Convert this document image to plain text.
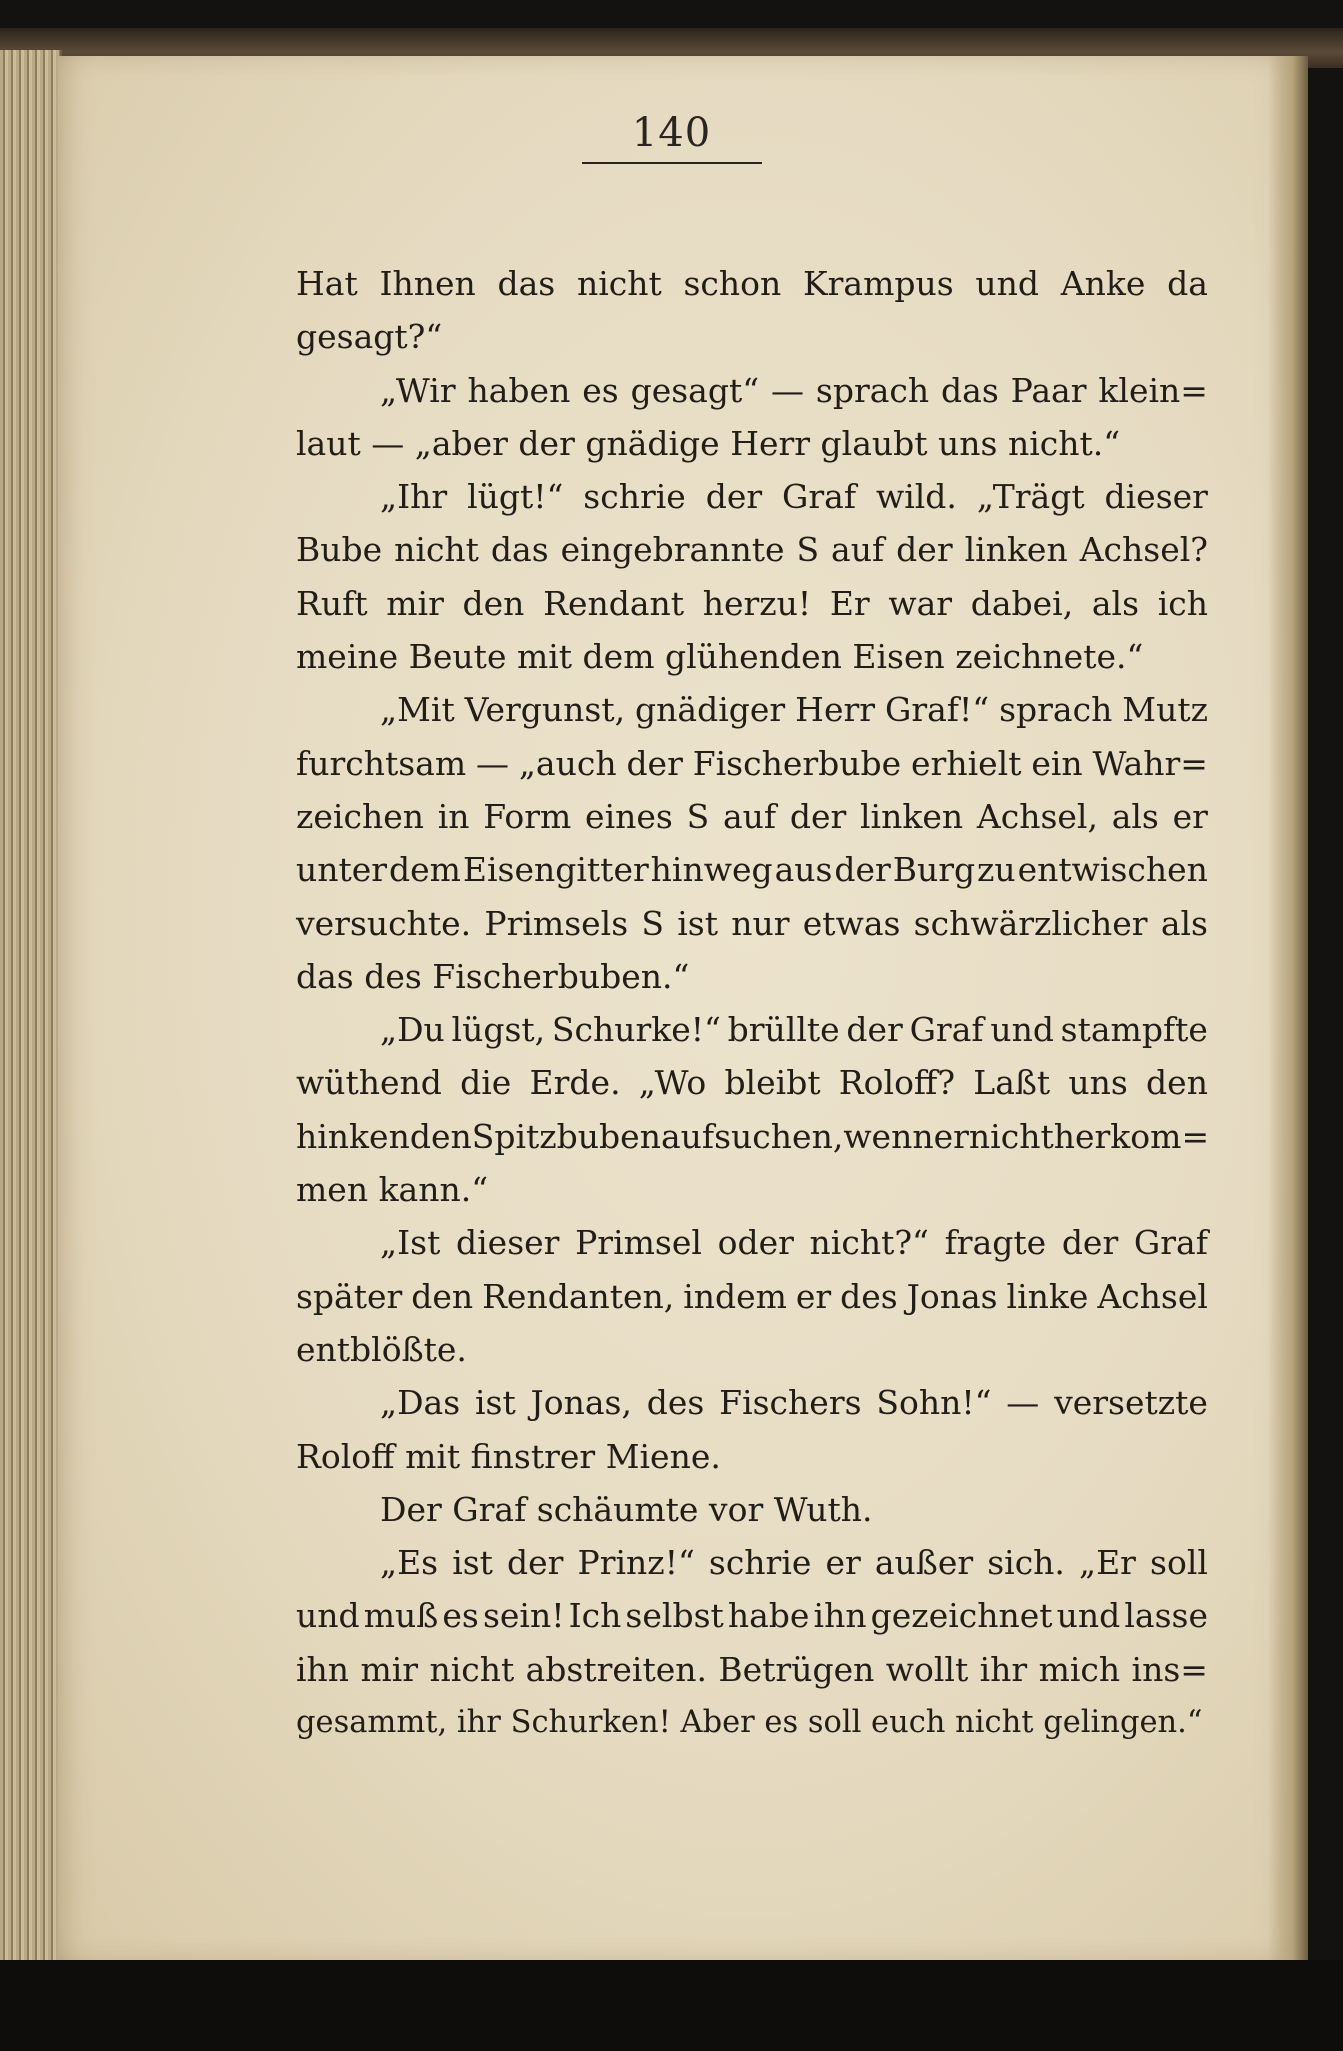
140
Hat Ihnen das nicht schon Krampus und Anke da
gesagt?“
„Wir haben es gesagt“ — sprach das Paar klein=
laut — „aber der gnädige Herr glaubt uns nicht.“
„Ihr lügt!“ schrie der Graf wild. „Trägt dieser
Bube nicht das eingebrannte S auf der linken Achsel?
Ruft mir den Rendant herzu! Er war dabei, als ich
meine Beute mit dem glühenden Eisen zeichnete.“
„Mit Vergunst, gnädiger Herr Graf!“ sprach Mutz
furchtsam — „auch der Fischerbube erhielt ein Wahr=
zeichen in Form eines S auf der linken Achsel, als er
unter dem Eisengitter hinweg aus der Burg zu entwischen
versuchte. Primsels S ist nur etwas schwärzlicher als
das des Fischerbuben.“
„Du lügst, Schurke!“ brüllte der Graf und stampfte
wüthend die Erde. „Wo bleibt Roloff? Laßt uns den
hinkenden Spitzbuben aufsuchen, wenn er nicht herkom=
men kann.“
„Ist dieser Primsel oder nicht?“ fragte der Graf
später den Rendanten, indem er des Jonas linke Achsel
entblößte.
„Das ist Jonas, des Fischers Sohn!“ — versetzte
Roloff mit finstrer Miene.
Der Graf schäumte vor Wuth.
„Es ist der Prinz!“ schrie er außer sich. „Er soll
und muß es sein! Ich selbst habe ihn gezeichnet und lasse
ihn mir nicht abstreiten. Betrügen wollt ihr mich ins=
gesammt, ihr Schurken! Aber es soll euch nicht gelingen.“
